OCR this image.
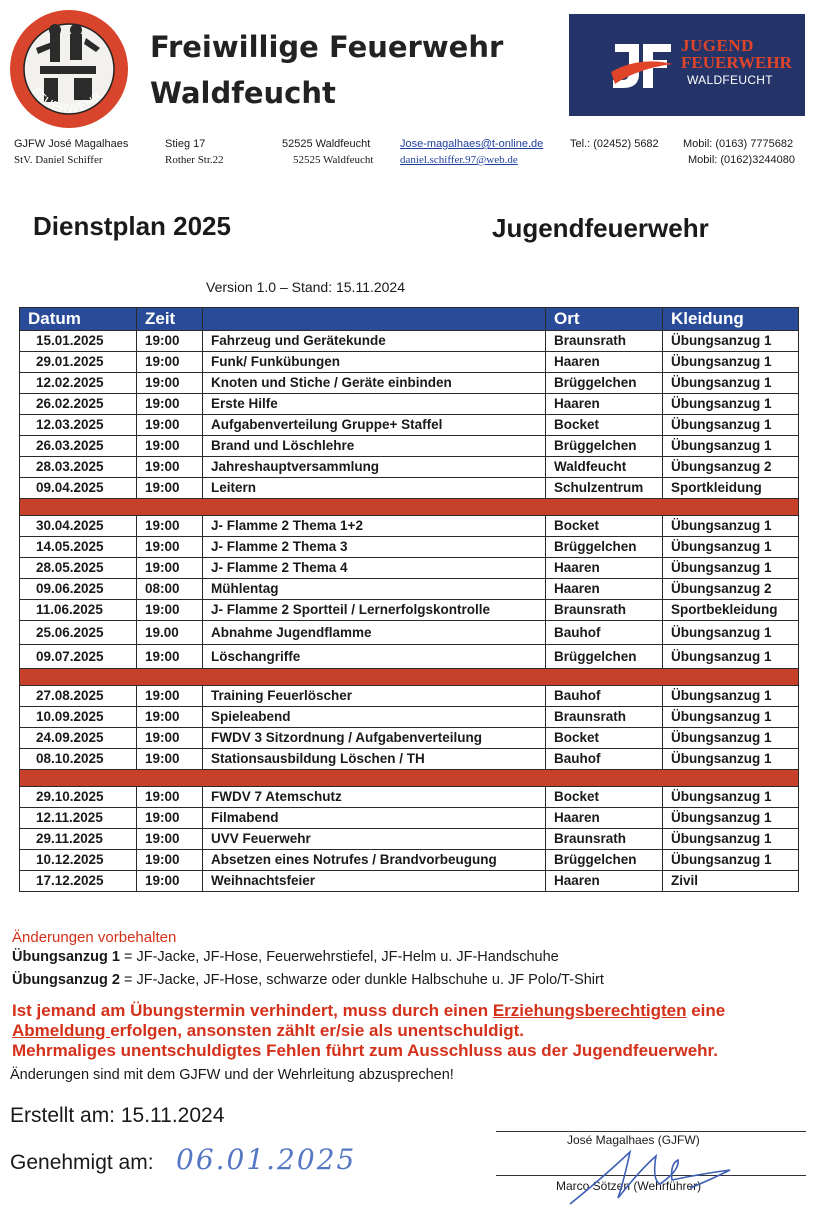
FEUERWEHR
Freiwillige Feuerwehr
Waldfeucht
JUGEND
FEUERWEHR
WALDFEUCHT
GJFW José Magalhaes	Stieg 17	52525 Waldfeucht	Jose-magalhaes@t-online.de Tel.: (02452) 5682 Mobil: (0163) 7775682
StV. Daniel Schiffer	Rother Str.22	52525 Waldfeucht daniel.schiffer.97@web.de	Mobil: (0162)3244080
Dienstplan 2025	Jugendfeuerwehr
Version 1.0 – Stand: 15.11.2024
Datum	Zeit		Ort	Kleidung
15.01.2025	19:00	Fahrzeug und Gerätekunde	Braunsrath	Übungsanzug 1
29.01.2025	19:00	Funk/ Funkübungen	Haaren	Übungsanzug 1
12.02.2025	19:00	Knoten und Stiche / Geräte einbinden	Brüggelchen	Übungsanzug 1
26.02.2025	19:00	Erste Hilfe	Haaren	Übungsanzug 1
12.03.2025	19:00	Aufgabenverteilung Gruppe+ Staffel	Bocket	Übungsanzug 1
26.03.2025	19:00	Brand und Löschlehre	Brüggelchen	Übungsanzug 1
28.03.2025	19:00	Jahreshauptversammlung	Waldfeucht	Übungsanzug 2
09.04.2025	19:00	Leitern	Schulzentrum	Sportkleidung

30.04.2025	19:00	J- Flamme 2 Thema 1+2	Bocket	Übungsanzug 1
14.05.2025	19:00	J- Flamme 2 Thema 3	Brüggelchen	Übungsanzug 1
28.05.2025	19:00	J- Flamme 2 Thema 4	Haaren	Übungsanzug 1
09.06.2025	08:00	Mühlentag	Haaren	Übungsanzug 2
11.06.2025	19:00	J- Flamme 2 Sportteil / Lernerfolgskontrolle	Braunsrath	Sportbekleidung
25.06.2025	19.00	Abnahme Jugendflamme	Bauhof	Übungsanzug 1
09.07.2025	19:00	Löschangriffe	Brüggelchen	Übungsanzug 1

27.08.2025	19:00	Training Feuerlöscher	Bauhof	Übungsanzug 1
10.09.2025	19:00	Spieleabend	Braunsrath	Übungsanzug 1
24.09.2025	19:00	FWDV 3 Sitzordnung / Aufgabenverteilung	Bocket	Übungsanzug 1
08.10.2025	19:00	Stationsausbildung Löschen / TH	Bauhof	Übungsanzug 1

29.10.2025	19:00	FWDV 7 Atemschutz	Bocket	Übungsanzug 1
12.11.2025	19:00	Filmabend	Haaren	Übungsanzug 1
29.11.2025	19:00	UVV Feuerwehr	Braunsrath	Übungsanzug 1
10.12.2025	19:00	Absetzen eines Notrufes / Brandvorbeugung	Brüggelchen	Übungsanzug 1
17.12.2025	19:00	Weihnachtsfeier	Haaren	Zivil
Änderungen vorbehalten
Übungsanzug 1 = JF-Jacke, JF-Hose, Feuerwehrstiefel, JF-Helm u. JF-Handschuhe
Übungsanzug 2 = JF-Jacke, JF-Hose, schwarze oder dunkle Halbschuhe u. JF Polo/T-Shirt
Ist jemand am Übungstermin verhindert, muss durch einen Erziehungsberechtigten eine
Abmeldung erfolgen, ansonsten zählt er/sie als unentschuldigt.
Mehrmaliges unentschuldigtes Fehlen führt zum Ausschluss aus der Jugendfeuerwehr.
Änderungen sind mit dem GJFW und der Wehrleitung abzusprechen!
Erstellt am: 15.11.2024
Genehmigt am: 06.01.2025
José Magalhaes (GJFW)
Marco Sötzen (Wehrführer)
